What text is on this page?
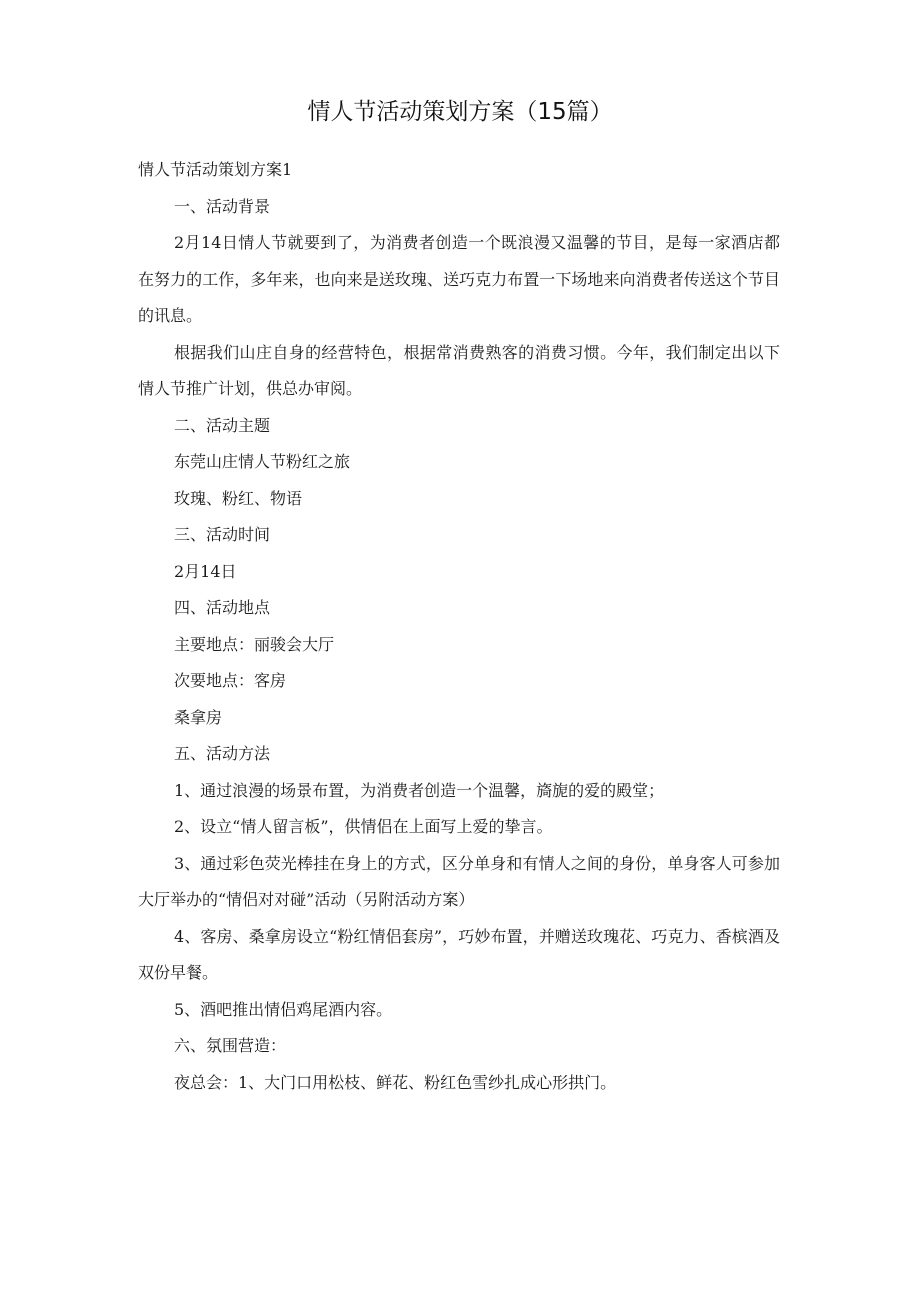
情人节活动策划方案（15篇）

情人节活动策划方案1

一、活动背景

2月14日情人节就要到了，为消费者创造一个既浪漫又温馨的节目，是每一家酒店都在努力的工作，多年来，也向来是送玫瑰、送巧克力布置一下场地来向消费者传送这个节目的讯息。

根据我们山庄自身的经营特色，根据常消费熟客的消费习惯。今年，我们制定出以下情人节推广计划，供总办审阅。

二、活动主题

东莞山庄情人节粉红之旅

玫瑰、粉红、物语

三、活动时间

2月14日

四、活动地点

主要地点：丽骏会大厅

次要地点：客房

桑拿房

五、活动方法

1、通过浪漫的场景布置，为消费者创造一个温馨，旖旎的爱的殿堂；

2、设立“情人留言板”，供情侣在上面写上爱的挚言。

3、通过彩色荧光棒挂在身上的方式，区分单身和有情人之间的身份，单身客人可参加大厅举办的“情侣对对碰”活动（另附活动方案）

4、客房、桑拿房设立“粉红情侣套房”，巧妙布置，并赠送玫瑰花、巧克力、香槟酒及双份早餐。

5、酒吧推出情侣鸡尾酒内容。

六、氛围营造：

夜总会：1、大门口用松枝、鲜花、粉红色雪纱扎成心形拱门。
